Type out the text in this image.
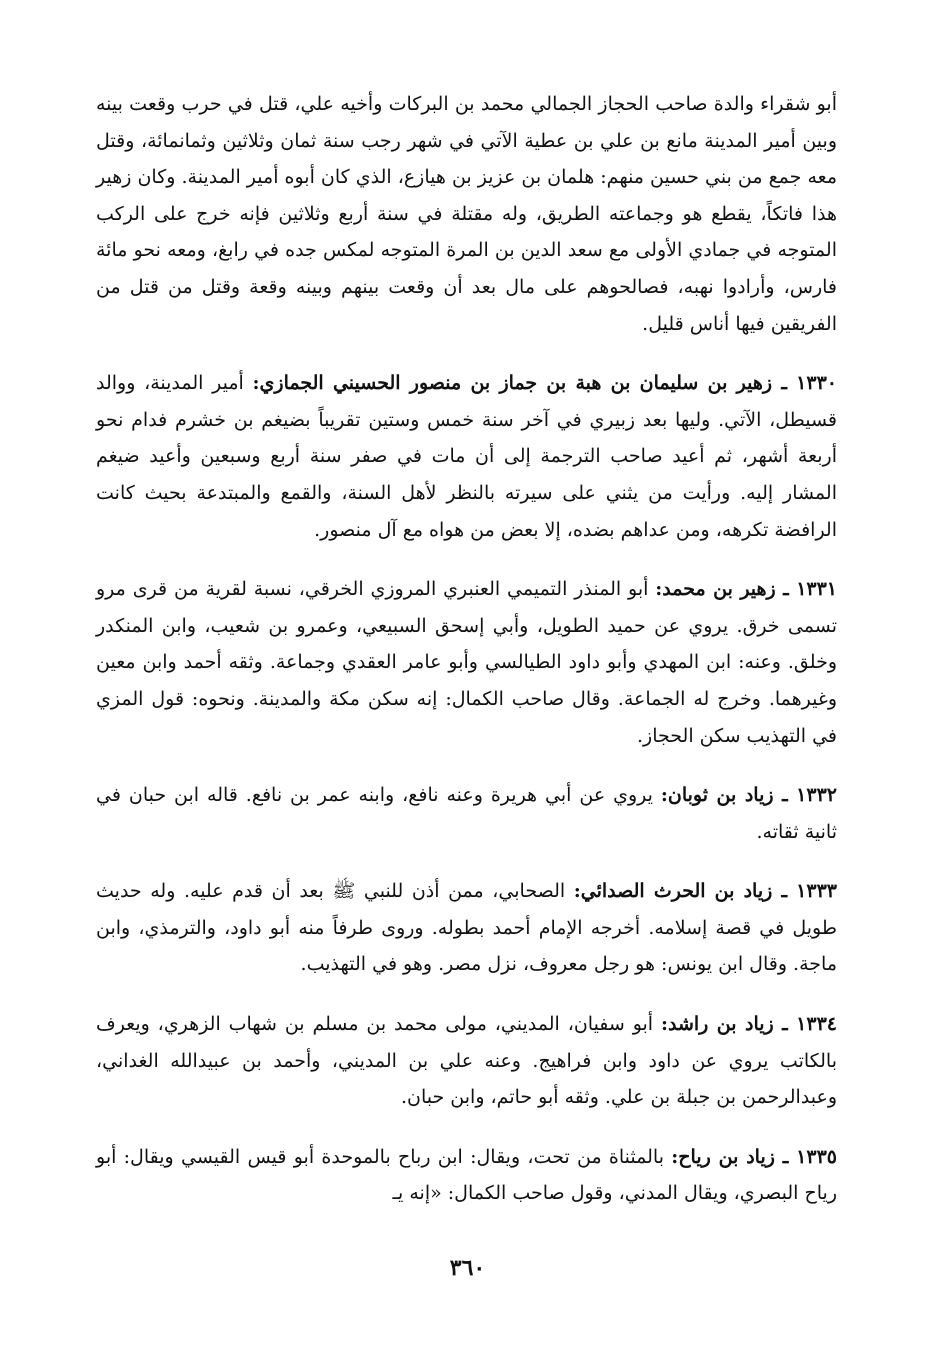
أبو شقراء والدة صاحب الحجاز الجمالي محمد بن البركات وأخيه علي، قتل في حرب وقعت بينه وبين أمير المدينة مانع بن علي بن عطية الآتي في شهر رجب سنة ثمان وثلاثين وثمانمائة، وقتل معه جمع من بني حسين منهم: هلمان بن عزيز بن هيازع، الذي كان أبوه أمير المدينة. وكان زهير هذا فاتكاً، يقطع هو وجماعته الطريق، وله مقتلة في سنة أربع وثلاثين فإنه خرج على الركب المتوجه في جمادي الأولى مع سعد الدين بن المرة المتوجه لمكس جده في رابغ، ومعه نحو مائة فارس، وأرادوا نهبه، فصالحوهم على مال بعد أن وقعت بينهم وبينه وقعة وقتل من قتل من الفريقين فيها أناس قليل.

١٣٣٠ ـ زهير بن سليمان بن هبة بن جماز بن منصور الحسيني الجمازي: أمير المدينة، ووالد قسيطل، الآتي. وليها بعد زبيري في آخر سنة خمس وستين تقريباً بضيغم بن خشرم فدام نحو أربعة أشهر، ثم أعيد صاحب الترجمة إلى أن مات في صفر سنة أربع وسبعين وأعيد ضيغم المشار إليه. ورأيت من يثني على سيرته بالنظر لأهل السنة، والقمع والمبتدعة بحيث كانت الرافضة تكرهه، ومن عداهم بضده، إلا بعض من هواه مع آل منصور.

١٣٣١ ـ زهير بن محمد: أبو المنذر التميمي العنبري المروزي الخرقي، نسبة لقرية من قرى مرو تسمى خرق. يروي عن حميد الطويل، وأبي إسحق السبيعي، وعمرو بن شعيب، وابن المنكدر وخلق. وعنه: ابن المهدي وأبو داود الطيالسي وأبو عامر العقدي وجماعة. وثقه أحمد وابن معين وغيرهما. وخرج له الجماعة. وقال صاحب الكمال: إنه سكن مكة والمدينة. ونحوه: قول المزي في التهذيب سكن الحجاز.

١٣٣٢ ـ زياد بن ثوبان: يروي عن أبي هريرة وعنه نافع، وابنه عمر بن نافع. قاله ابن حبان في ثانية ثقاته.

١٣٣٣ ـ زياد بن الحرث الصدائي: الصحابي، ممن أذن للنبي ﷺ بعد أن قدم عليه. وله حديث طويل في قصة إسلامه. أخرجه الإمام أحمد بطوله. وروى طرفاً منه أبو داود، والترمذي، وابن ماجة. وقال ابن يونس: هو رجل معروف، نزل مصر. وهو في التهذيب.

١٣٣٤ ـ زياد بن راشد: أبو سفيان، المديني، مولى محمد بن مسلم بن شهاب الزهري، ويعرف بالكاتب يروي عن داود وابن فراهيج. وعنه علي بن المديني، وأحمد بن عبيدالله الغداني، وعبدالرحمن بن جبلة بن علي. وثقه أبو حاتم، وابن حبان.

١٣٣٥ ـ زياد بن رياح: بالمثناة من تحت، ويقال: ابن رباح بالموحدة أبو قيس القيسي ويقال: أبو رياح البصري، ويقال المدني، وقول صاحب الكمال: «إنه يـ

٣٦٠
